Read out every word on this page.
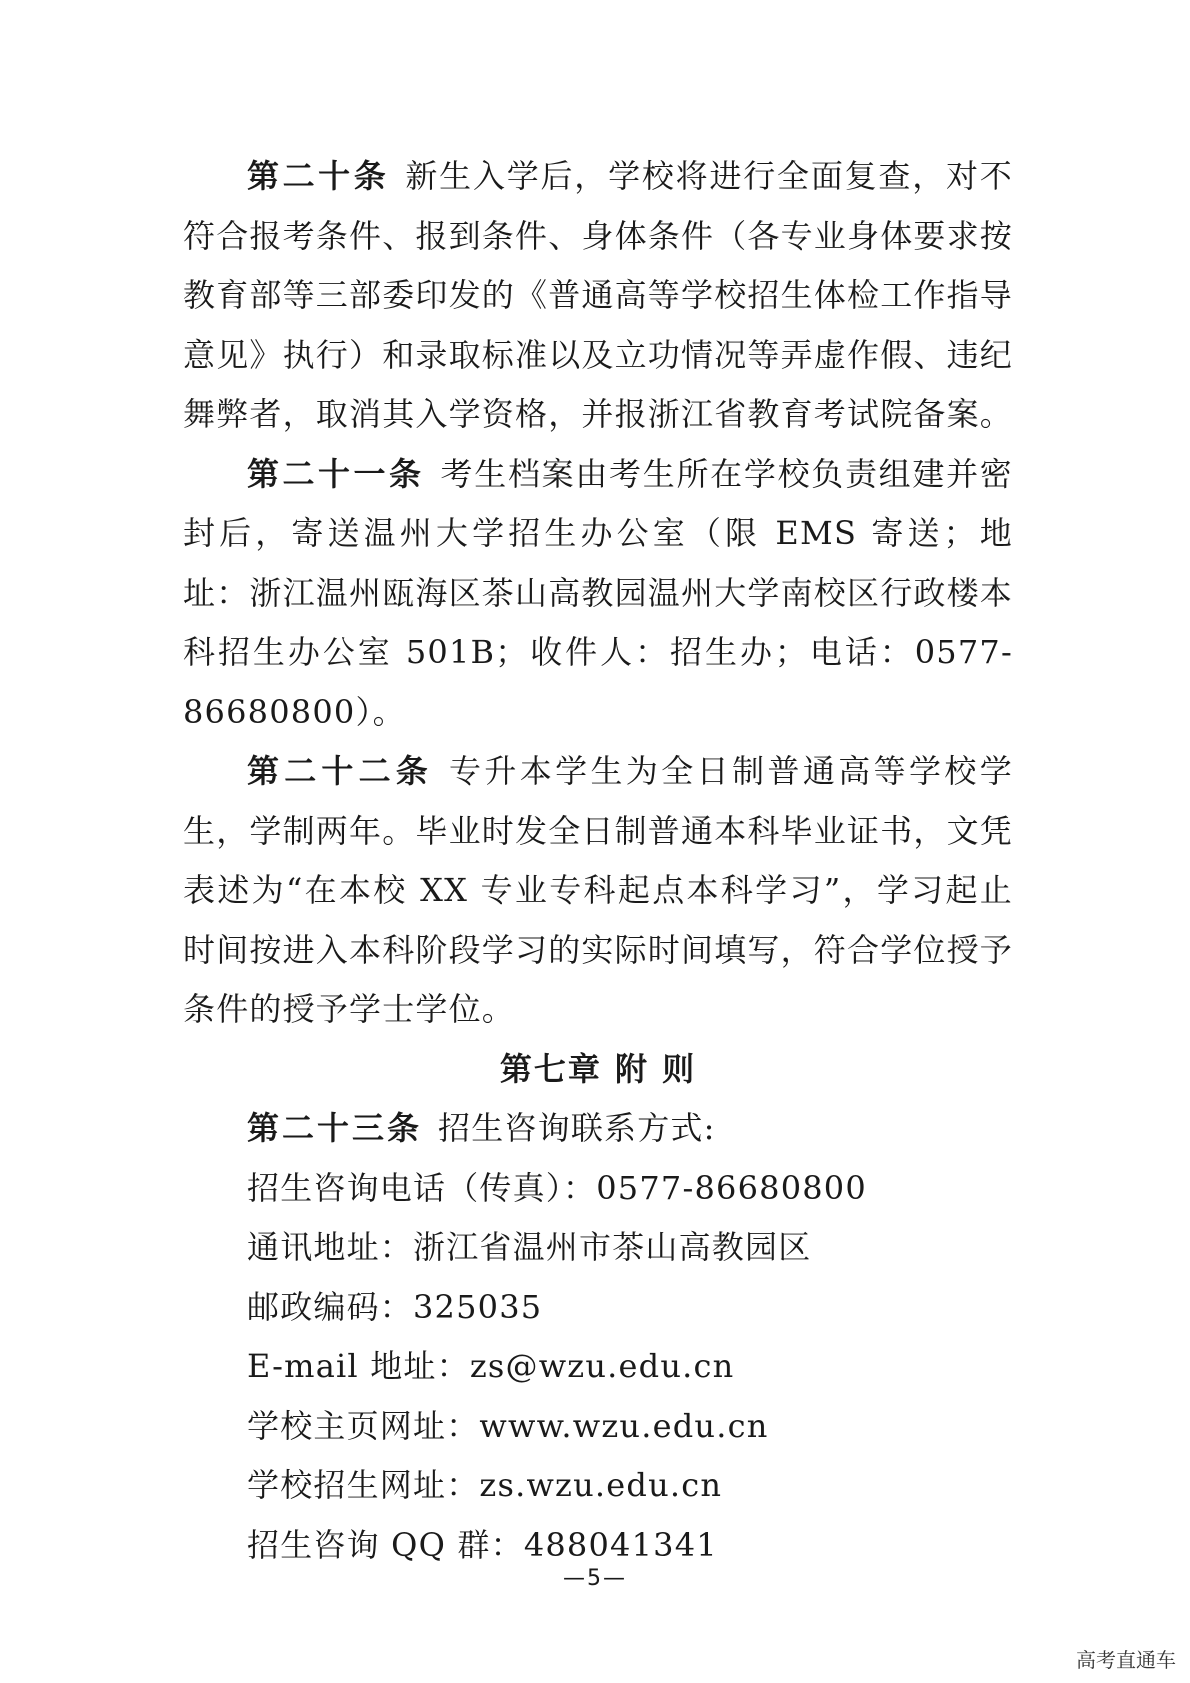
第二十条 新生入学后，学校将进行全面复查，对不符合报考条件、报到条件、身体条件（各专业身体要求按教育部等三部委印发的《普通高等学校招生体检工作指导意见》执行）和录取标准以及立功情况等弄虚作假、违纪舞弊者，取消其入学资格，并报浙江省教育考试院备案。

第二十一条 考生档案由考生所在学校负责组建并密封后，寄送温州大学招生办公室（限 EMS 寄送；地址：浙江温州瓯海区茶山高教园温州大学南校区行政楼本科招生办公室 501B；收件人：招生办；电话：0577-86680800）。

第二十二条 专升本学生为全日制普通高等学校学生，学制两年。毕业时发全日制普通本科毕业证书，文凭表述为“在本校 XX 专业专科起点本科学习”，学习起止时间按进入本科阶段学习的实际时间填写，符合学位授予条件的授予学士学位。

第七章 附 则

第二十三条 招生咨询联系方式:

招生咨询电话（传真）：0577-86680800
通讯地址：浙江省温州市茶山高教园区
邮政编码：325035
E-mail 地址：zs@wzu.edu.cn
学校主页网址：www.wzu.edu.cn
学校招生网址：zs.wzu.edu.cn
招生咨询 QQ 群：488041341
—5—
高考直通车
